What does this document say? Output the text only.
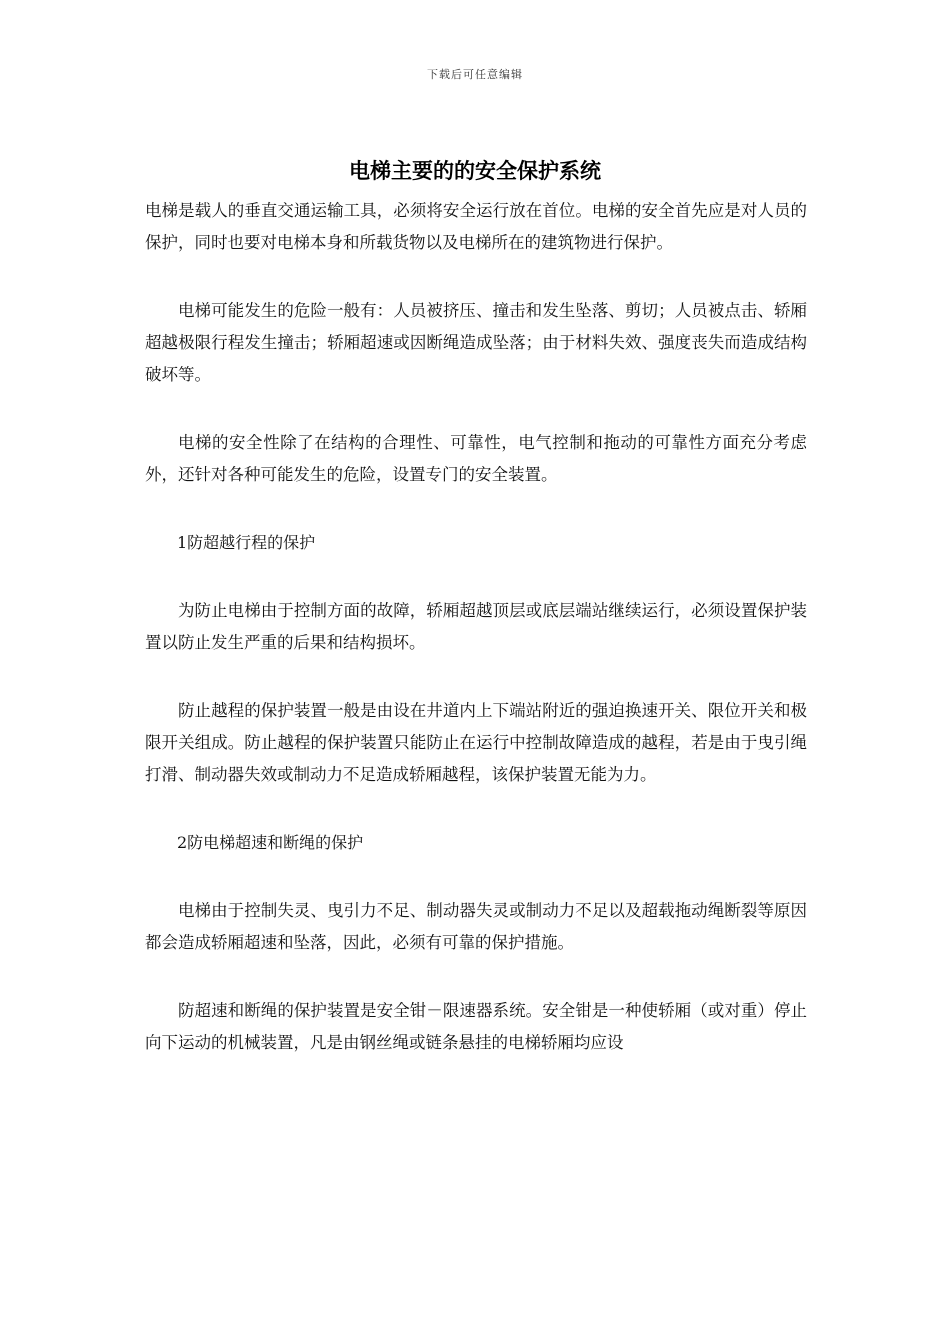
下载后可任意编辑
电梯主要的的安全保护系统

电梯是载人的垂直交通运输工具，必须将安全运行放在首位。电梯的安全首先应是对人员的保护，同时也要对电梯本身和所载货物以及电梯所在的建筑物进行保护。

电梯可能发生的危险一般有：人员被挤压、撞击和发生坠落、剪切；人员被点击、轿厢超越极限行程发生撞击；轿厢超速或因断绳造成坠落；由于材料失效、强度丧失而造成结构破坏等。

电梯的安全性除了在结构的合理性、可靠性，电气控制和拖动的可靠性方面充分考虑外，还针对各种可能发生的危险，设置专门的安全装置。

1防超越行程的保护

为防止电梯由于控制方面的故障，轿厢超越顶层或底层端站继续运行，必须设置保护装置以防止发生严重的后果和结构损坏。

防止越程的保护装置一般是由设在井道内上下端站附近的强迫换速开关、限位开关和极限开关组成。防止越程的保护装置只能防止在运行中控制故障造成的越程，若是由于曳引绳打滑、制动器失效或制动力不足造成轿厢越程，该保护装置无能为力。

2防电梯超速和断绳的保护

电梯由于控制失灵、曳引力不足、制动器失灵或制动力不足以及超载拖动绳断裂等原因都会造成轿厢超速和坠落，因此，必须有可靠的保护措施。

防超速和断绳的保护装置是安全钳－限速器系统。安全钳是一种使轿厢（或对重）停止向下运动的机械装置，凡是由钢丝绳或链条悬挂的电梯轿厢均应设
